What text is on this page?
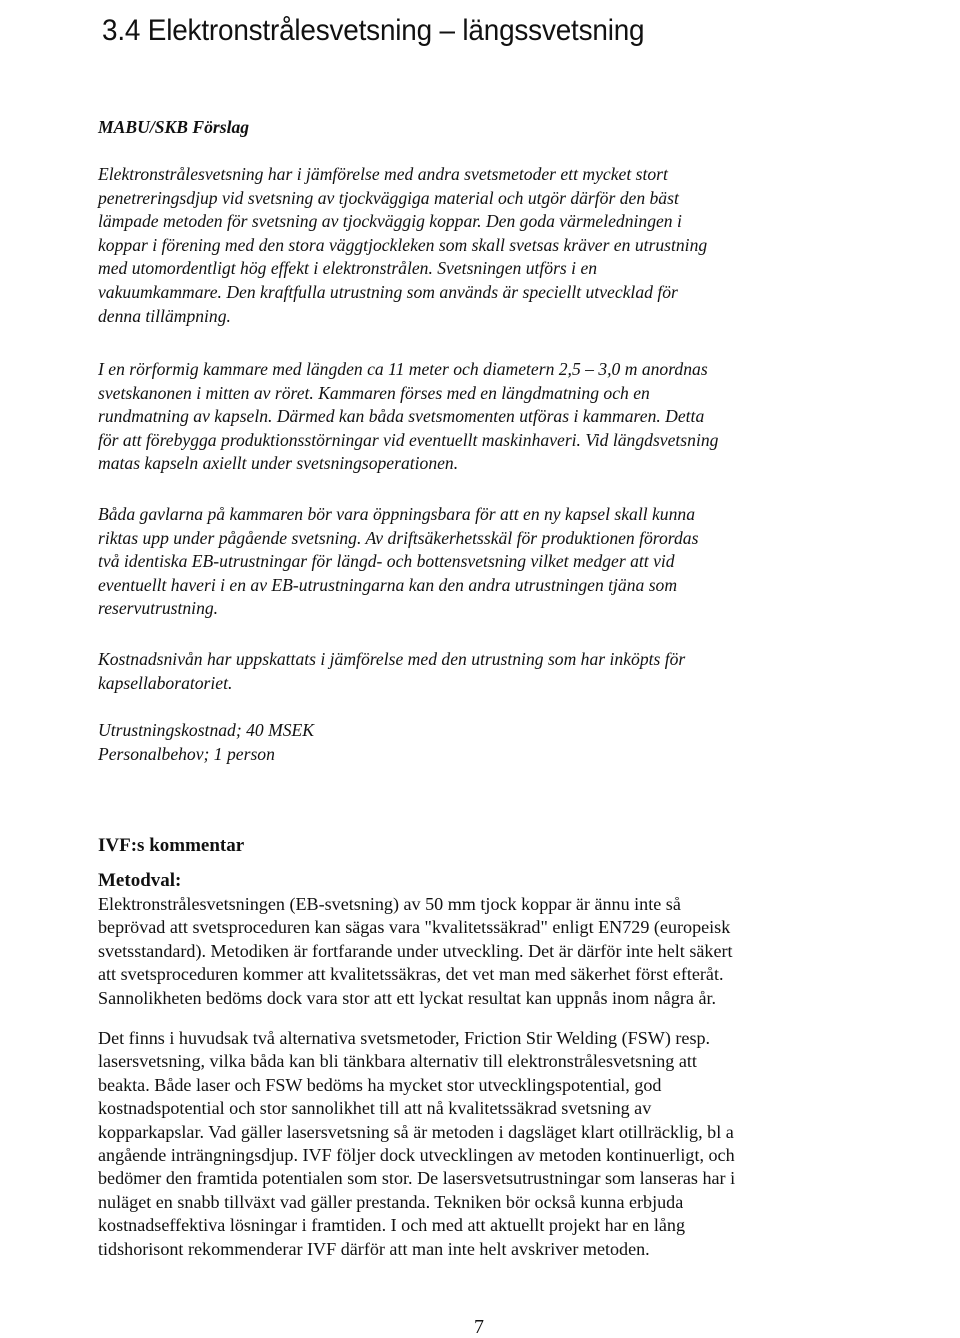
3.4 Elektronstrålesvetsning – längssvetsning
MABU/SKB Förslag
Elektronstrålesvetsning har i jämförelse med andra svetsmetoder ett mycket stort
penetreringsdjup vid svetsning av tjockväggiga material och utgör därför den bäst
lämpade metoden för svetsning av tjockväggig koppar. Den goda värmeledningen i
koppar i förening med den stora väggtjockleken som skall svetsas kräver en utrustning
med utomordentligt hög effekt i elektronstrålen. Svetsningen utförs i en
vakuumkammare. Den kraftfulla utrustning som används är speciellt utvecklad för
denna tillämpning.
I en rörformig kammare med längden ca 11 meter och diametern 2,5 – 3,0 m anordnas
svetskanonen i mitten av röret. Kammaren förses med en längdmatning och en
rundmatning av kapseln. Därmed kan båda svetsmomenten utföras i kammaren. Detta
för att förebygga produktionsstörningar vid eventuellt maskinhaveri. Vid längdsvetsning
matas kapseln axiellt under svetsningsoperationen.
Båda gavlarna på kammaren bör vara öppningsbara för att en ny kapsel skall kunna
riktas upp under pågående svetsning. Av driftsäkerhetsskäl för produktionen förordas
två identiska EB-utrustningar för längd- och bottensvetsning vilket medger att vid
eventuellt haveri i en av EB-utrustningarna kan den andra utrustningen tjäna som
reservutrustning.
Kostnadsnivån har uppskattats i jämförelse med den utrustning som har inköpts för
kapsellaboratoriet.
Utrustningskostnad; 40 MSEK
Personalbehov; 1 person
IVF:s kommentar
Metodval:
Elektronstrålesvetsningen (EB-svetsning) av 50 mm tjock koppar är ännu inte så
beprövad att svetsproceduren kan sägas vara "kvalitetssäkrad" enligt EN729 (europeisk
svetsstandard). Metodiken är fortfarande under utveckling. Det är därför inte helt säkert
att svetsproceduren kommer att kvalitetssäkras, det vet man med säkerhet först efteråt.
Sannolikheten bedöms dock vara stor att ett lyckat resultat kan uppnås inom några år.
Det finns i huvudsak två alternativa svetsmetoder, Friction Stir Welding (FSW) resp.
lasersvetsning, vilka båda kan bli tänkbara alternativ till elektronstrålesvetsning att
beakta. Både laser och FSW bedöms ha mycket stor utvecklingspotential, god
kostnadspotential och stor sannolikhet till att nå kvalitetssäkrad svetsning av
kopparkapslar. Vad gäller lasersvetsning så är metoden i dagsläget klart otillräcklig, bl a
angående inträngningsdjup. IVF följer dock utvecklingen av metoden kontinuerligt, och
bedömer den framtida potentialen som stor. De lasersvetsutrustningar som lanseras har i
nuläget en snabb tillväxt vad gäller prestanda. Tekniken bör också kunna erbjuda
kostnadseffektiva lösningar i framtiden. I och med att aktuellt projekt har en lång
tidshorisont rekommenderar IVF därför att man inte helt avskriver metoden.
7
